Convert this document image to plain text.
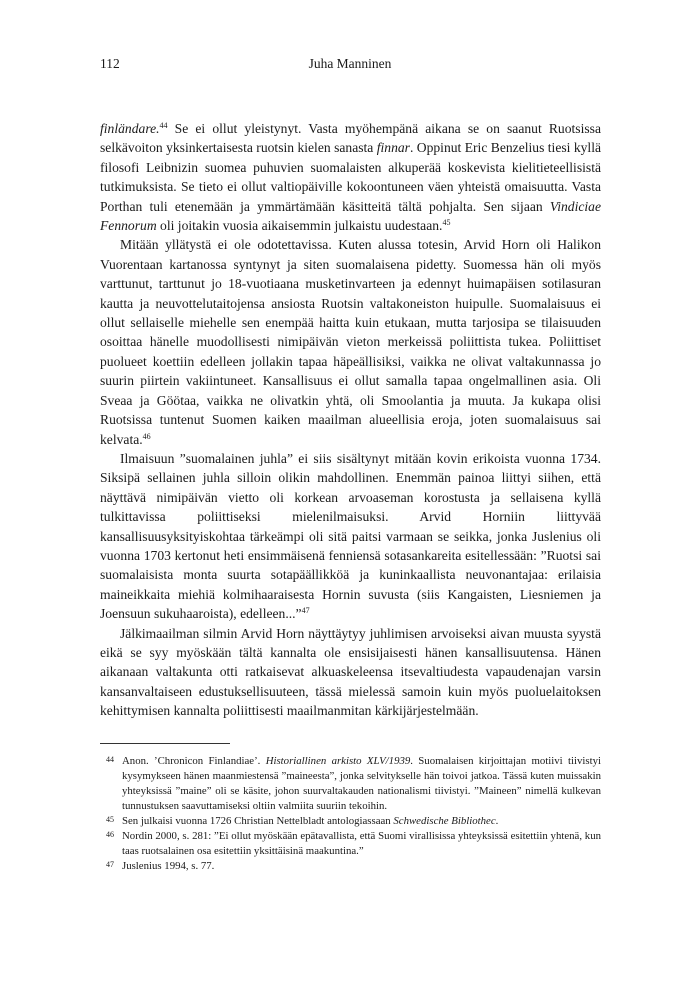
112	Juha Manninen

finländare.$^{44}$ Se ei ollut yleistynyt. Vasta myöhempänä aikana se on saanut Ruotsissa selkävoiton yksinkertaisesta ruotsin kielen sanasta finnar. Oppinut Eric Benzelius tiesi kyllä filosofi Leibnizin suomea puhuvien suomalaisten alkuperää koskevista kielitieteellisistä tutkimuksista. Se tieto ei ollut valtiopäiville kokoontuneen väen yhteistä omaisuutta. Vasta Porthan tuli etenemään ja ymmärtämään käsitteitä tältä pohjalta. Sen sijaan Vindiciae Fennorum oli joitakin vuosia aikaisemmin julkaistu uudestaan.$^{45}$

Mitään yllätystä ei ole odotettavissa. Kuten alussa totesin, Arvid Horn oli Halikon Vuorentaan kartanossa syntynyt ja siten suomalaisena pidetty. Suomessa hän oli myös varttunut, tarttunut jo 18-vuotiaana musketinvarteen ja edennyt huimapäisen sotilasuran kautta ja neuvottelutaitojensa ansiosta Ruotsin valtakoneiston huipulle. Suomalaisuus ei ollut sellaiselle miehelle sen enempää haitta kuin etukaan, mutta tarjosipa se tilaisuuden osoittaa hänelle muodollisesti nimipäivän vieton merkeissä poliittista tukea. Poliittiset puolueet koettiin edelleen jollakin tapaa häpeällisiksi, vaikka ne olivat valtakunnassa jo suurin piirtein vakiintuneet. Kansallisuus ei ollut samalla tapaa ongelmallinen asia. Oli Sveaa ja Göötaa, vaikka ne olivatkin yhtä, oli Smoolantia ja muuta. Ja kukapa olisi Ruotsissa tuntenut Suomen kaiken maailman alueellisia eroja, joten suomalaisuus sai kelvata.$^{46}$

Ilmaisuun ”suomalainen juhla” ei siis sisältynyt mitään kovin erikoista vuonna 1734. Siksipä sellainen juhla silloin olikin mahdollinen. Enemmän painoa liittyi siihen, että näyttävä nimipäivän vietto oli korkean arvoaseman korostusta ja sellaisena kyllä tulkittavissa poliittiseksi mielenilmaisuksi. Arvid Horniin liittyvää kansallisuusyksityiskohtaa tärkeämpi oli sitä paitsi varmaan se seikka, jonka Juslenius oli vuonna 1703 kertonut heti ensimmäisenä fenniensä sotasankareita esitellessään: ”Ruotsi sai suomalaisista monta suurta sotapäällikköä ja kuninkaallista neuvonantajaa: erilaisia maineikkaita miehiä kolmihaaraisesta Hornin suvusta (siis Kangaisten, Liesniemen ja Joensuun sukuhaaroista), edelleen...”$^{47}$

Jälkimaailman silmin Arvid Horn näyttäytyy juhlimisen arvoiseksi aivan muusta syystä eikä se syy myöskään tältä kannalta ole ensisijaisesti hänen kansallisuutensa. Hänen aikanaan valtakunta otti ratkaisevat alkuaskeleensa itsevaltiudesta vapaudenajan varsin kansanvaltaiseen edustuksellisuuteen, tässä mielessä samoin kuin myös puoluelaitoksen kehittymisen kannalta poliittisesti maailmanmitan kärkijärjestelmään.

44 Anon. ’Chronicon Finlandiae’. Historiallinen arkisto XLV/1939. Suomalaisen kirjoittajan motiivi tiivistyi kysymykseen hänen maanmiestensä ”maineesta”, jonka selvitykselle hän toivoi jatkoa. Tässä kuten muissakin yhteyksissä ”maine” oli se käsite, johon suurvaltakauden nationalismi tiivistyi. ”Maineen” nimellä kulkevan tunnustuksen saavuttamiseksi oltiin valmiita suuriin tekoihin.
45 Sen julkaisi vuonna 1726 Christian Nettelbladt antologiassaan Schwedische Bibliothec.
46 Nordin 2000, s. 281: ”Ei ollut myöskään epätavallista, että Suomi virallisissa yhteyksissä esitettiin yhtenä, kun taas ruotsalainen osa esitettiin yksittäisinä maakuntina.”
47 Juslenius 1994, s. 77.
